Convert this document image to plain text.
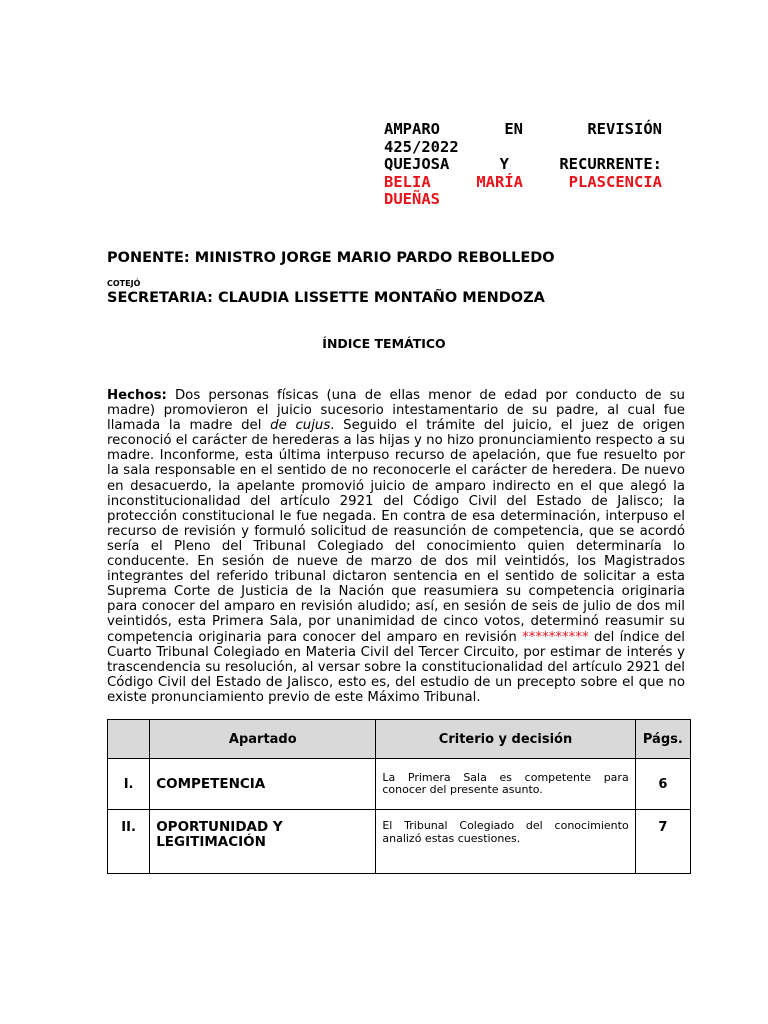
AMPARO EN REVISIÓN
425/2022
QUEJOSA Y RECURRENTE:
BELIA MARÍA PLASCENCIA
DUEÑAS
PONENTE: MINISTRO JORGE MARIO PARDO REBOLLEDO
COTEJÓ
SECRETARIA: CLAUDIA LISSETTE MONTAÑO MENDOZA
ÍNDICE TEMÁTICO
Hechos: Dos personas físicas (una de ellas menor de edad por conducto de su madre) promovieron el juicio sucesorio intestamentario de su padre, al cual fue llamada la madre del de cujus. Seguido el trámite del juicio, el juez de origen reconoció el carácter de herederas a las hijas y no hizo pronunciamiento respecto a su madre. Inconforme, esta última interpuso recurso de apelación, que fue resuelto por la sala responsable en el sentido de no reconocerle el carácter de heredera. De nuevo en desacuerdo, la apelante promovió juicio de amparo indirecto en el que alegó la inconstitucionalidad del artículo 2921 del Código Civil del Estado de Jalisco; la protección constitucional le fue negada. En contra de esa determinación, interpuso el recurso de revisión y formuló solicitud de reasunción de competencia, que se acordó sería el Pleno del Tribunal Colegiado del conocimiento quien determinaría lo conducente. En sesión de nueve de marzo de dos mil veintidós, los Magistrados integrantes del referido tribunal dictaron sentencia en el sentido de solicitar a esta Suprema Corte de Justicia de la Nación que reasumiera su competencia originaria para conocer del amparo en revisión aludido; así, en sesión de seis de julio de dos mil veintidós, esta Primera Sala, por unanimidad de cinco votos, determinó reasumir su competencia originaria para conocer del amparo en revisión ********** del índice del Cuarto Tribunal Colegiado en Materia Civil del Tercer Circuito, por estimar de interés y trascendencia su resolución, al versar sobre la constitucionalidad del artículo 2921 del Código Civil del Estado de Jalisco, esto es, del estudio de un precepto sobre el que no existe pronunciamiento previo de este Máximo Tribunal.
	Apartado	Criterio y decisión	Págs.
I.	COMPETENCIA	La Primera Sala es competente para conocer del presente asunto.	6
II.	OPORTUNIDAD Y LEGITIMACIÓN	El Tribunal Colegiado del conocimiento analizó estas cuestiones.	7
